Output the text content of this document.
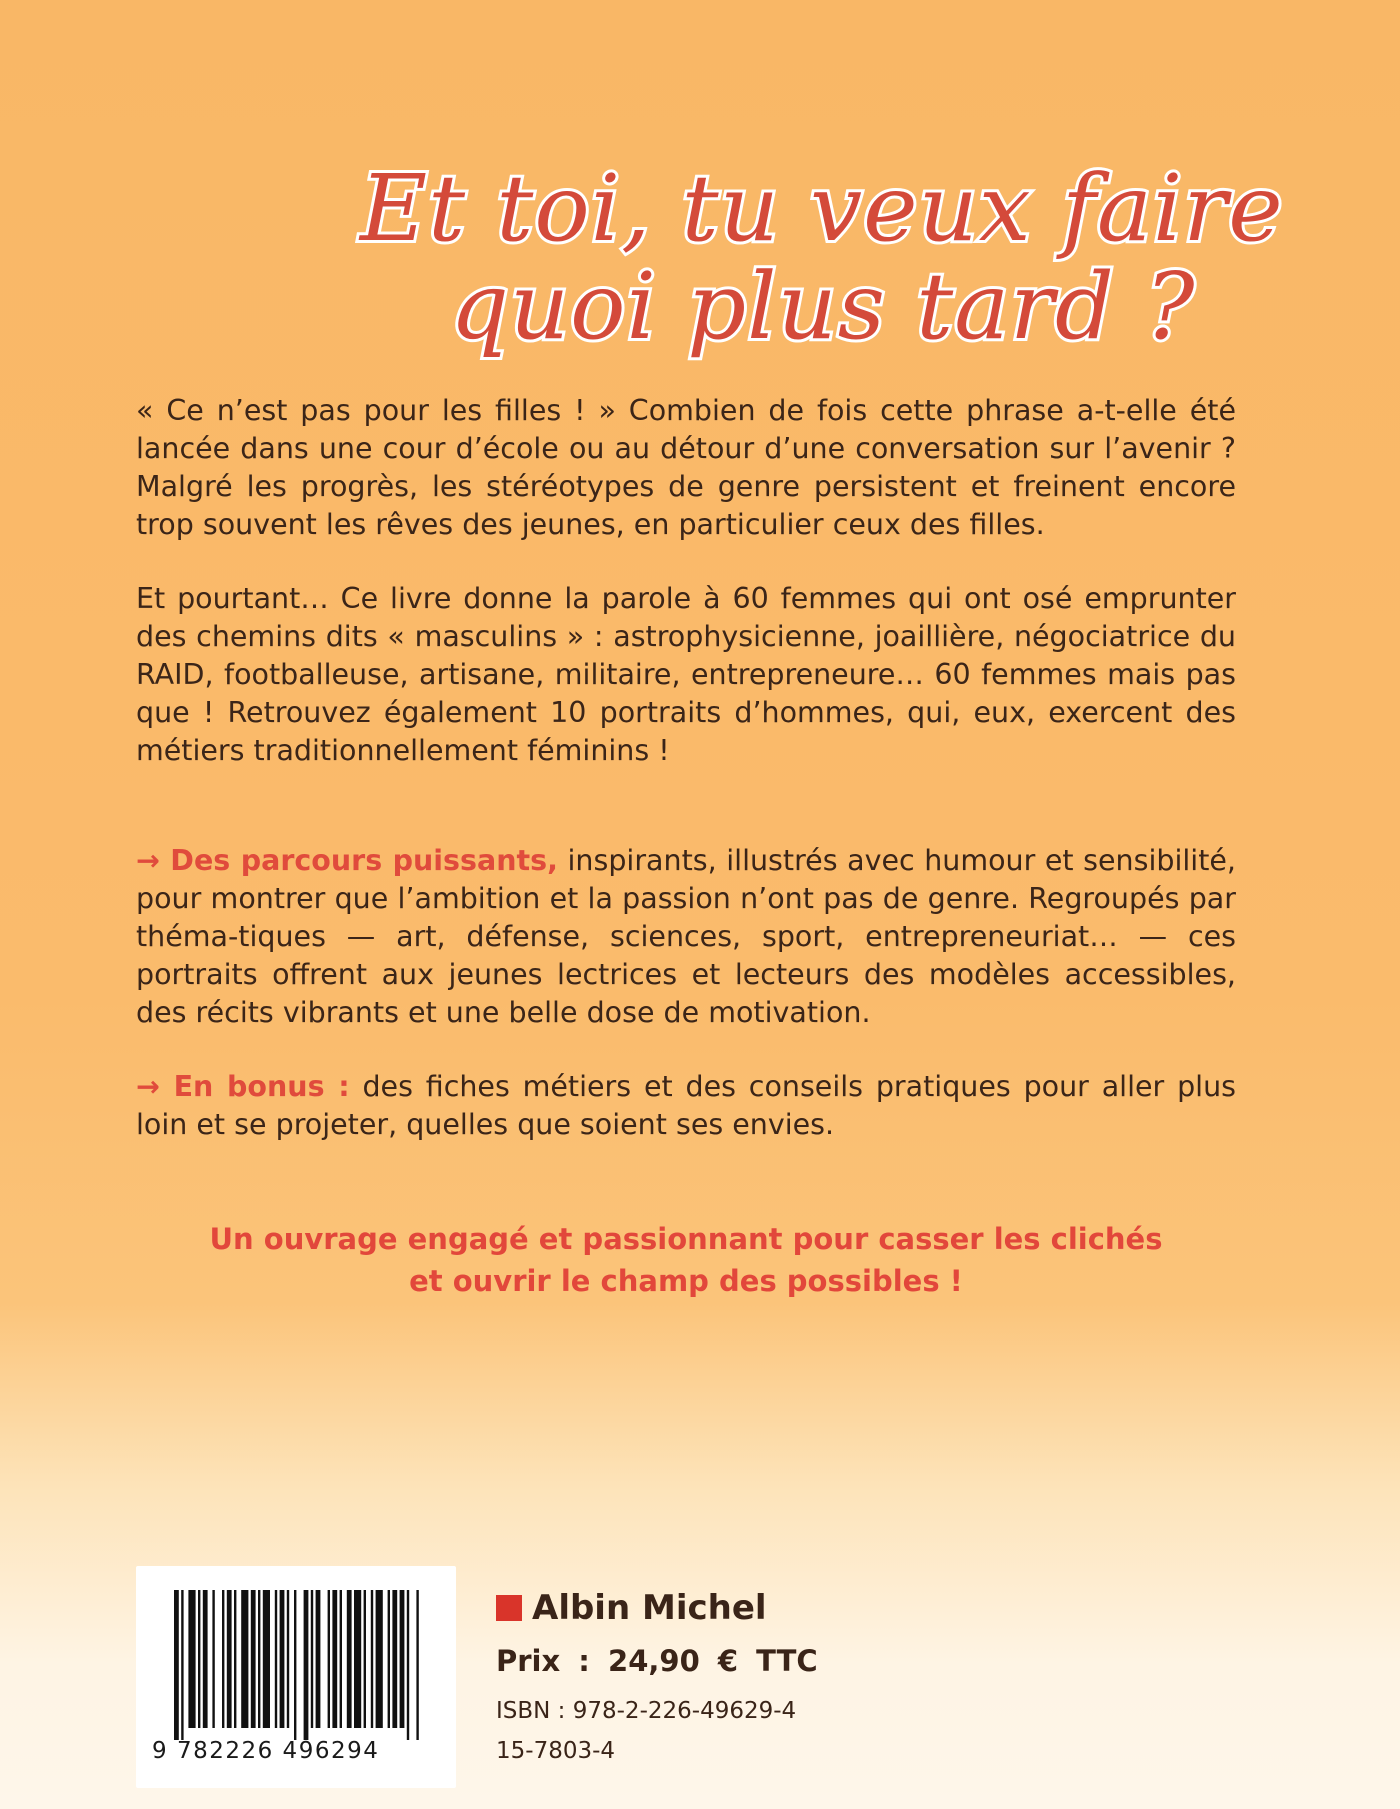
Et toi, tu veux faire
quoi plus tard ?

« Ce n’est pas pour les filles ! » Combien de fois cette phrase a-t-elle été lancée dans une cour d’école ou au détour d’une conversation sur l’avenir ? Malgré les progrès, les stéréotypes de genre persistent et freinent encore trop souvent les rêves des jeunes, en particulier ceux des filles.

Et pourtant… Ce livre donne la parole à 60 femmes qui ont osé emprunter des chemins dits « masculins » : astrophysicienne, joaillière, négociatrice du RAID, footballeuse, artisane, militaire, entrepreneure… 60 femmes mais pas que ! Retrouvez également 10 portraits d’hommes, qui, eux, exercent des métiers traditionnellement féminins !

→ Des parcours puissants, inspirants, illustrés avec humour et sensibilité, pour montrer que l’ambition et la passion n’ont pas de genre. Regroupés par théma-tiques — art, défense, sciences, sport, entrepreneuriat… — ces portraits offrent aux jeunes lectrices et lecteurs des modèles accessibles, des récits vibrants et une belle dose de motivation.

→ En bonus : des fiches métiers et des conseils pratiques pour aller plus loin et se projeter, quelles que soient ses envies.

Un ouvrage engagé et passionnant pour casser les clichés
et ouvrir le champ des possibles !
9 782226 496294
Albin Michel
Prix : 24,90 € TTC
ISBN : 978-2-226-49629-4
15-7803-4
